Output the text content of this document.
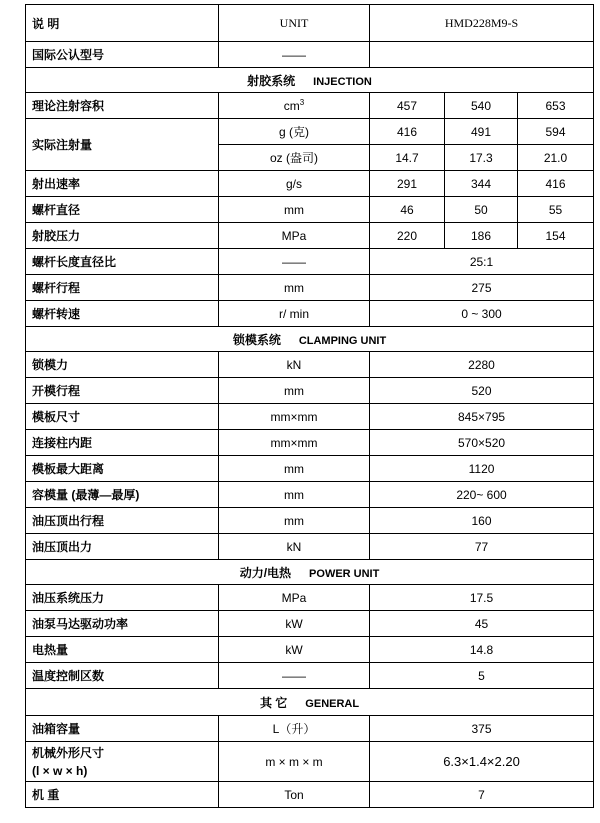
说 明	UNIT	HMD228M9-S		
国际公认型号	——			
射胶系统 INJECTION				
理论注射容积	$cm^3$	457	540	653
实际注射量	g (克)	416	491	594
	oz (盎司)	14.7	17.3	21.0
射出速率	g/s	291	344	416
螺杆直径	mm	46	50	55
射胶压力	MPa	220	186	154
螺杆长度直径比	——	25:1		
螺杆行程	mm	275		
螺杆转速	r/ min	0 ~ 300		
锁模系统 CLAMPING UNIT				
锁模力	kN	2280		
开模行程	mm	520		
模板尺寸	mm×mm	845×795		
连接柱内距	mm×mm	570×520		
模板最大距离	mm	1120		
容模量 (最薄—最厚)	mm	220~ 600		
油压顶出行程	mm	160		
油压顶出力	kN	77		
动力/电热 POWER UNIT				
油压系统压力	MPa	17.5		
油泵马达驱动功率	kW	45		
电热量	kW	14.8		
温度控制区数	——	5		
其 它 GENERAL				
油箱容量	L（升）	375		

机械外形尺寸
(l × w × h)	m × m × m	6.3×1.4×2.20		
机 重	Ton	7		
